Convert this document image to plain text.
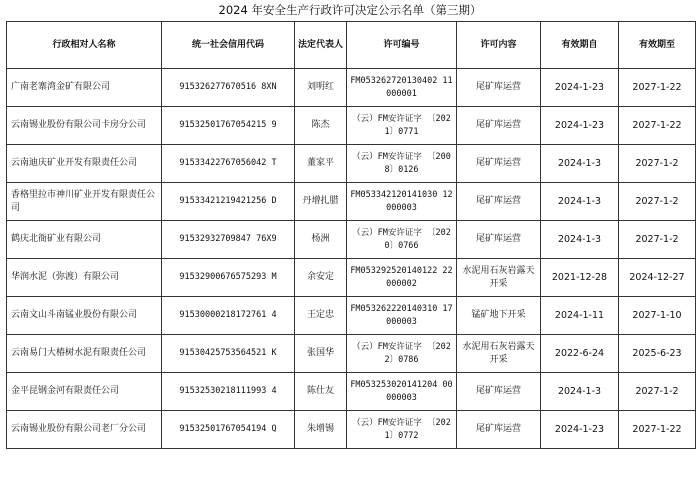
2024 年安全生产行政许可决定公示名单（第三期）
行政相对人名称	统一社会信用代码	法定代表人	许可编号	许可内容	有效期自	有效期至
广南老寨湾金矿有限公司	915326277670516 8XN	刘明红	FM053262720130402 11000001	尾矿库运营	2024-1-23	2027-1-22
云南锡业股份有限公司卡房分公司	91532501767054215 9	陈杰	（云）FM安许证字 〔2021〕0771	尾矿库运营	2024-1-23	2027-1-22
云南迪庆矿业开发有限责任公司	91533422767056042 T	董家平	（云）FM安许证字 〔2008〕0126	尾矿库运营	2024-1-3	2027-1-2
香格里拉市神川矿业开发有限责任公司	91533421219421256 D	丹增扎腊	FM053342120141030 12000003	尾矿库运营	2024-1-3	2027-1-2
鹤庆北衙矿业有限公司	91532932709847 76X9	杨洲	（云）FM安许证字 〔2020〕0766	尾矿库运营	2024-1-3	2027-1-2
华润水泥（弥渡）有限公司	91532900676575293 M	余安定	FM053292520140122 22000002	水泥用石灰岩露天开采	2021-12-28	2024-12-27
云南文山斗南锰业股份有限公司	91530000218172761 4	王定忠	FM053262220140310 17000003	锰矿地下开采	2024-1-11	2027-1-10
云南易门大椿树水泥有限责任公司	91530425753564521 K	张国华	（云）FM安许证字 〔2022〕0786	水泥用石灰岩露天开采	2022-6-24	2025-6-23
金平昆钢金河有限责任公司	91532530218111993 4	陈仕友	FM053253020141204 00000003	尾矿库运营	2024-1-3	2027-1-2
云南锡业股份有限公司老厂分公司	91532501767054194 Q	朱增锡	（云）FM安许证字 〔2021〕0772	尾矿库运营	2024-1-23	2027-1-22
